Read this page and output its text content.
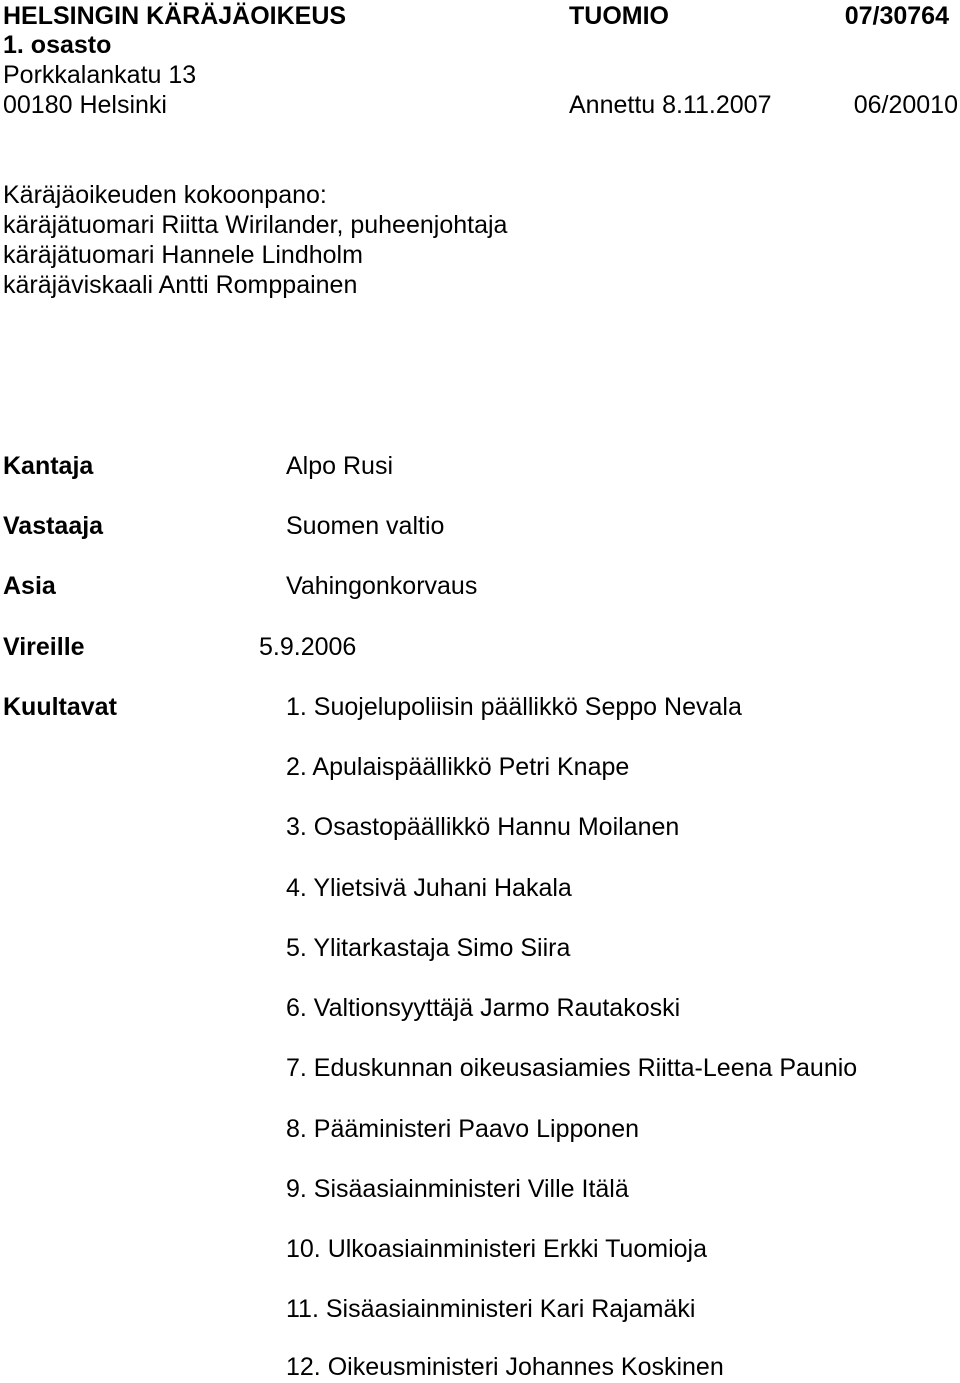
HELSINGIN KÄRÄJÄOIKEUS
1. osasto
Porkkalankatu 13
00180 Helsinki
TUOMIO	07/30764
Annettu 8.11.2007	06/20010
Käräjäoikeuden kokoonpano:
käräjätuomari Riitta Wirilander, puheenjohtaja
käräjätuomari Hannele Lindholm
käräjäviskaali Antti Romppainen
Kantaja	Alpo Rusi
Vastaaja	Suomen valtio
Asia	Vahingonkorvaus
Vireille	5.9.2006
Kuultavat	1. Suojelupoliisin päällikkö Seppo Nevala
2. Apulaispäällikkö Petri Knape
3. Osastopäällikkö Hannu Moilanen
4. Ylietsivä Juhani Hakala
5. Ylitarkastaja Simo Siira
6. Valtionsyyttäjä Jarmo Rautakoski
7. Eduskunnan oikeusasiamies Riitta-Leena Paunio
8. Pääministeri Paavo Lipponen
9. Sisäasiainministeri Ville Itälä
10. Ulkoasiainministeri Erkki Tuomioja
11. Sisäasiainministeri Kari Rajamäki
12. Oikeusministeri Johannes Koskinen
